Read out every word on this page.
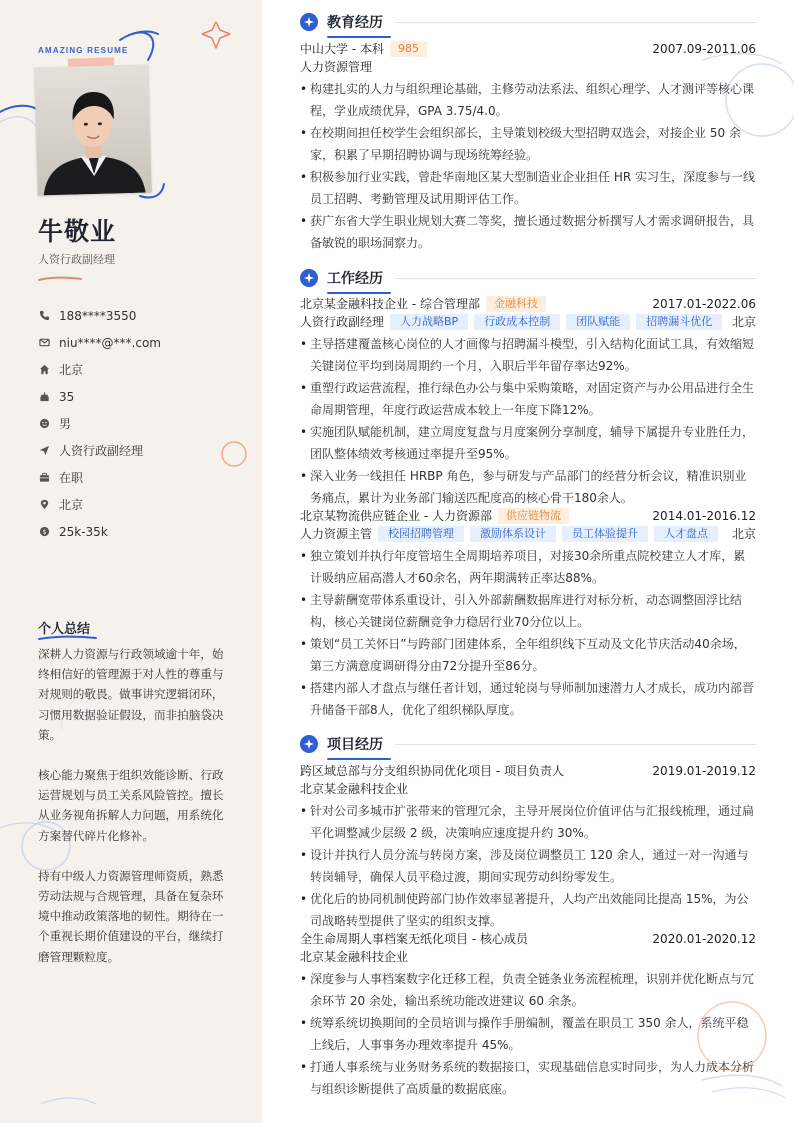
AMAZING RESUME
牛敬业
人资行政副经理
188****3550
niu****@***.com
北京
35
男
人资行政副经理
在职
北京
$ 25k-35k
个人总结

深耕人力资源与行政领域逾十年，始终相信好的管理源于对人性的尊重与对规则的敬畏。做事讲究逻辑闭环，习惯用数据验证假设，而非拍脑袋决策。

核心能力聚焦于组织效能诊断、行政运营规划与员工关系风险管控。擅长从业务视角拆解人力问题，用系统化方案替代碎片化修补。

持有中级人力资源管理师资质，熟悉劳动法规与合规管理，具备在复杂环境中推动政策落地的韧性。期待在一个重视长期价值建设的平台，继续打磨管理颗粒度。

教育经历
中山大学 - 本科	985	2007.09-2011.06
人力资源管理
• 构建扎实的人力与组织理论基础，主修劳动法系法、组织心理学、人才测评等核心课程，学业成绩优异，GPA 3.75/4.0。
• 在校期间担任校学生会组织部长，主导策划校级大型招聘双选会，对接企业 50 余家，积累了早期招聘协调与现场统筹经验。
• 积极参加行业实践，曾赴华南地区某大型制造业企业担任 HR 实习生，深度参与一线员工招聘、考勤管理及试用期评估工作。
• 获广东省大学生职业规划大赛二等奖，擅长通过数据分析撰写人才需求调研报告，具备敏锐的职场洞察力。
工作经历
北京某金融科技企业 - 综合管理部	金融科技	2017.01-2022.06
人资行政副经理	人力战略BP	行政成本控制	团队赋能	招聘漏斗优化	北京
• 主导搭建覆盖核心岗位的人才画像与招聘漏斗模型，引入结构化面试工具，有效缩短关键岗位平均到岗周期约一个月，入职后半年留存率达92%。
• 重塑行政运营流程，推行绿色办公与集中采购策略，对固定资产与办公用品进行全生命周期管理，年度行政运营成本较上一年度下降12%。
• 实施团队赋能机制，建立周度复盘与月度案例分享制度，辅导下属提升专业胜任力，团队整体绩效考核通过率提升至95%。
• 深入业务一线担任 HRBP 角色，参与研发与产品部门的经营分析会议，精准识别业务痛点，累计为业务部门输送匹配度高的核心骨干180余人。
北京某物流供应链企业 - 人力资源部	供应链物流	2014.01-2016.12
人力资源主管	校园招聘管理	激励体系设计	员工体验提升	人才盘点	北京
• 独立策划并执行年度管培生全周期培养项目，对接30余所重点院校建立人才库，累计吸纳应届高潜人才60余名，两年期满转正率达88%。
• 主导薪酬宽带体系重设计，引入外部薪酬数据库进行对标分析，动态调整固浮比结构，核心关键岗位薪酬竞争力稳居行业70分位以上。
• 策划“员工关怀日”与跨部门团建体系，全年组织线下互动及文化节庆活动40余场，第三方满意度调研得分由72分提升至86分。
• 搭建内部人才盘点与继任者计划，通过轮岗与导师制加速潜力人才成长，成功内部晋升储备干部8人，优化了组织梯队厚度。
项目经历
跨区域总部与分支组织协同优化项目 - 项目负责人	2019.01-2019.12
北京某金融科技企业
• 针对公司多城市扩张带来的管理冗余，主导开展岗位价值评估与汇报线梳理，通过扁平化调整减少层级 2 级，决策响应速度提升约 30%。
• 设计并执行人员分流与转岗方案，涉及岗位调整员工 120 余人，通过一对一沟通与转岗辅导，确保人员平稳过渡，期间实现劳动纠纷零发生。
• 优化后的协同机制使跨部门协作效率显著提升，人均产出效能同比提高 15%，为公司战略转型提供了坚实的组织支撑。
全生命周期人事档案无纸化项目 - 核心成员	2020.01-2020.12
北京某金融科技企业
• 深度参与人事档案数字化迁移工程，负责全链条业务流程梳理，识别并优化断点与冗余环节 20 余处，输出系统功能改进建议 60 余条。
• 统筹系统切换期间的全员培训与操作手册编制，覆盖在职员工 350 余人，系统平稳上线后，人事事务办理效率提升 45%。
• 打通人事系统与业务财务系统的数据接口，实现基础信息实时同步，为人力成本分析与组织诊断提供了高质量的数据底座。
